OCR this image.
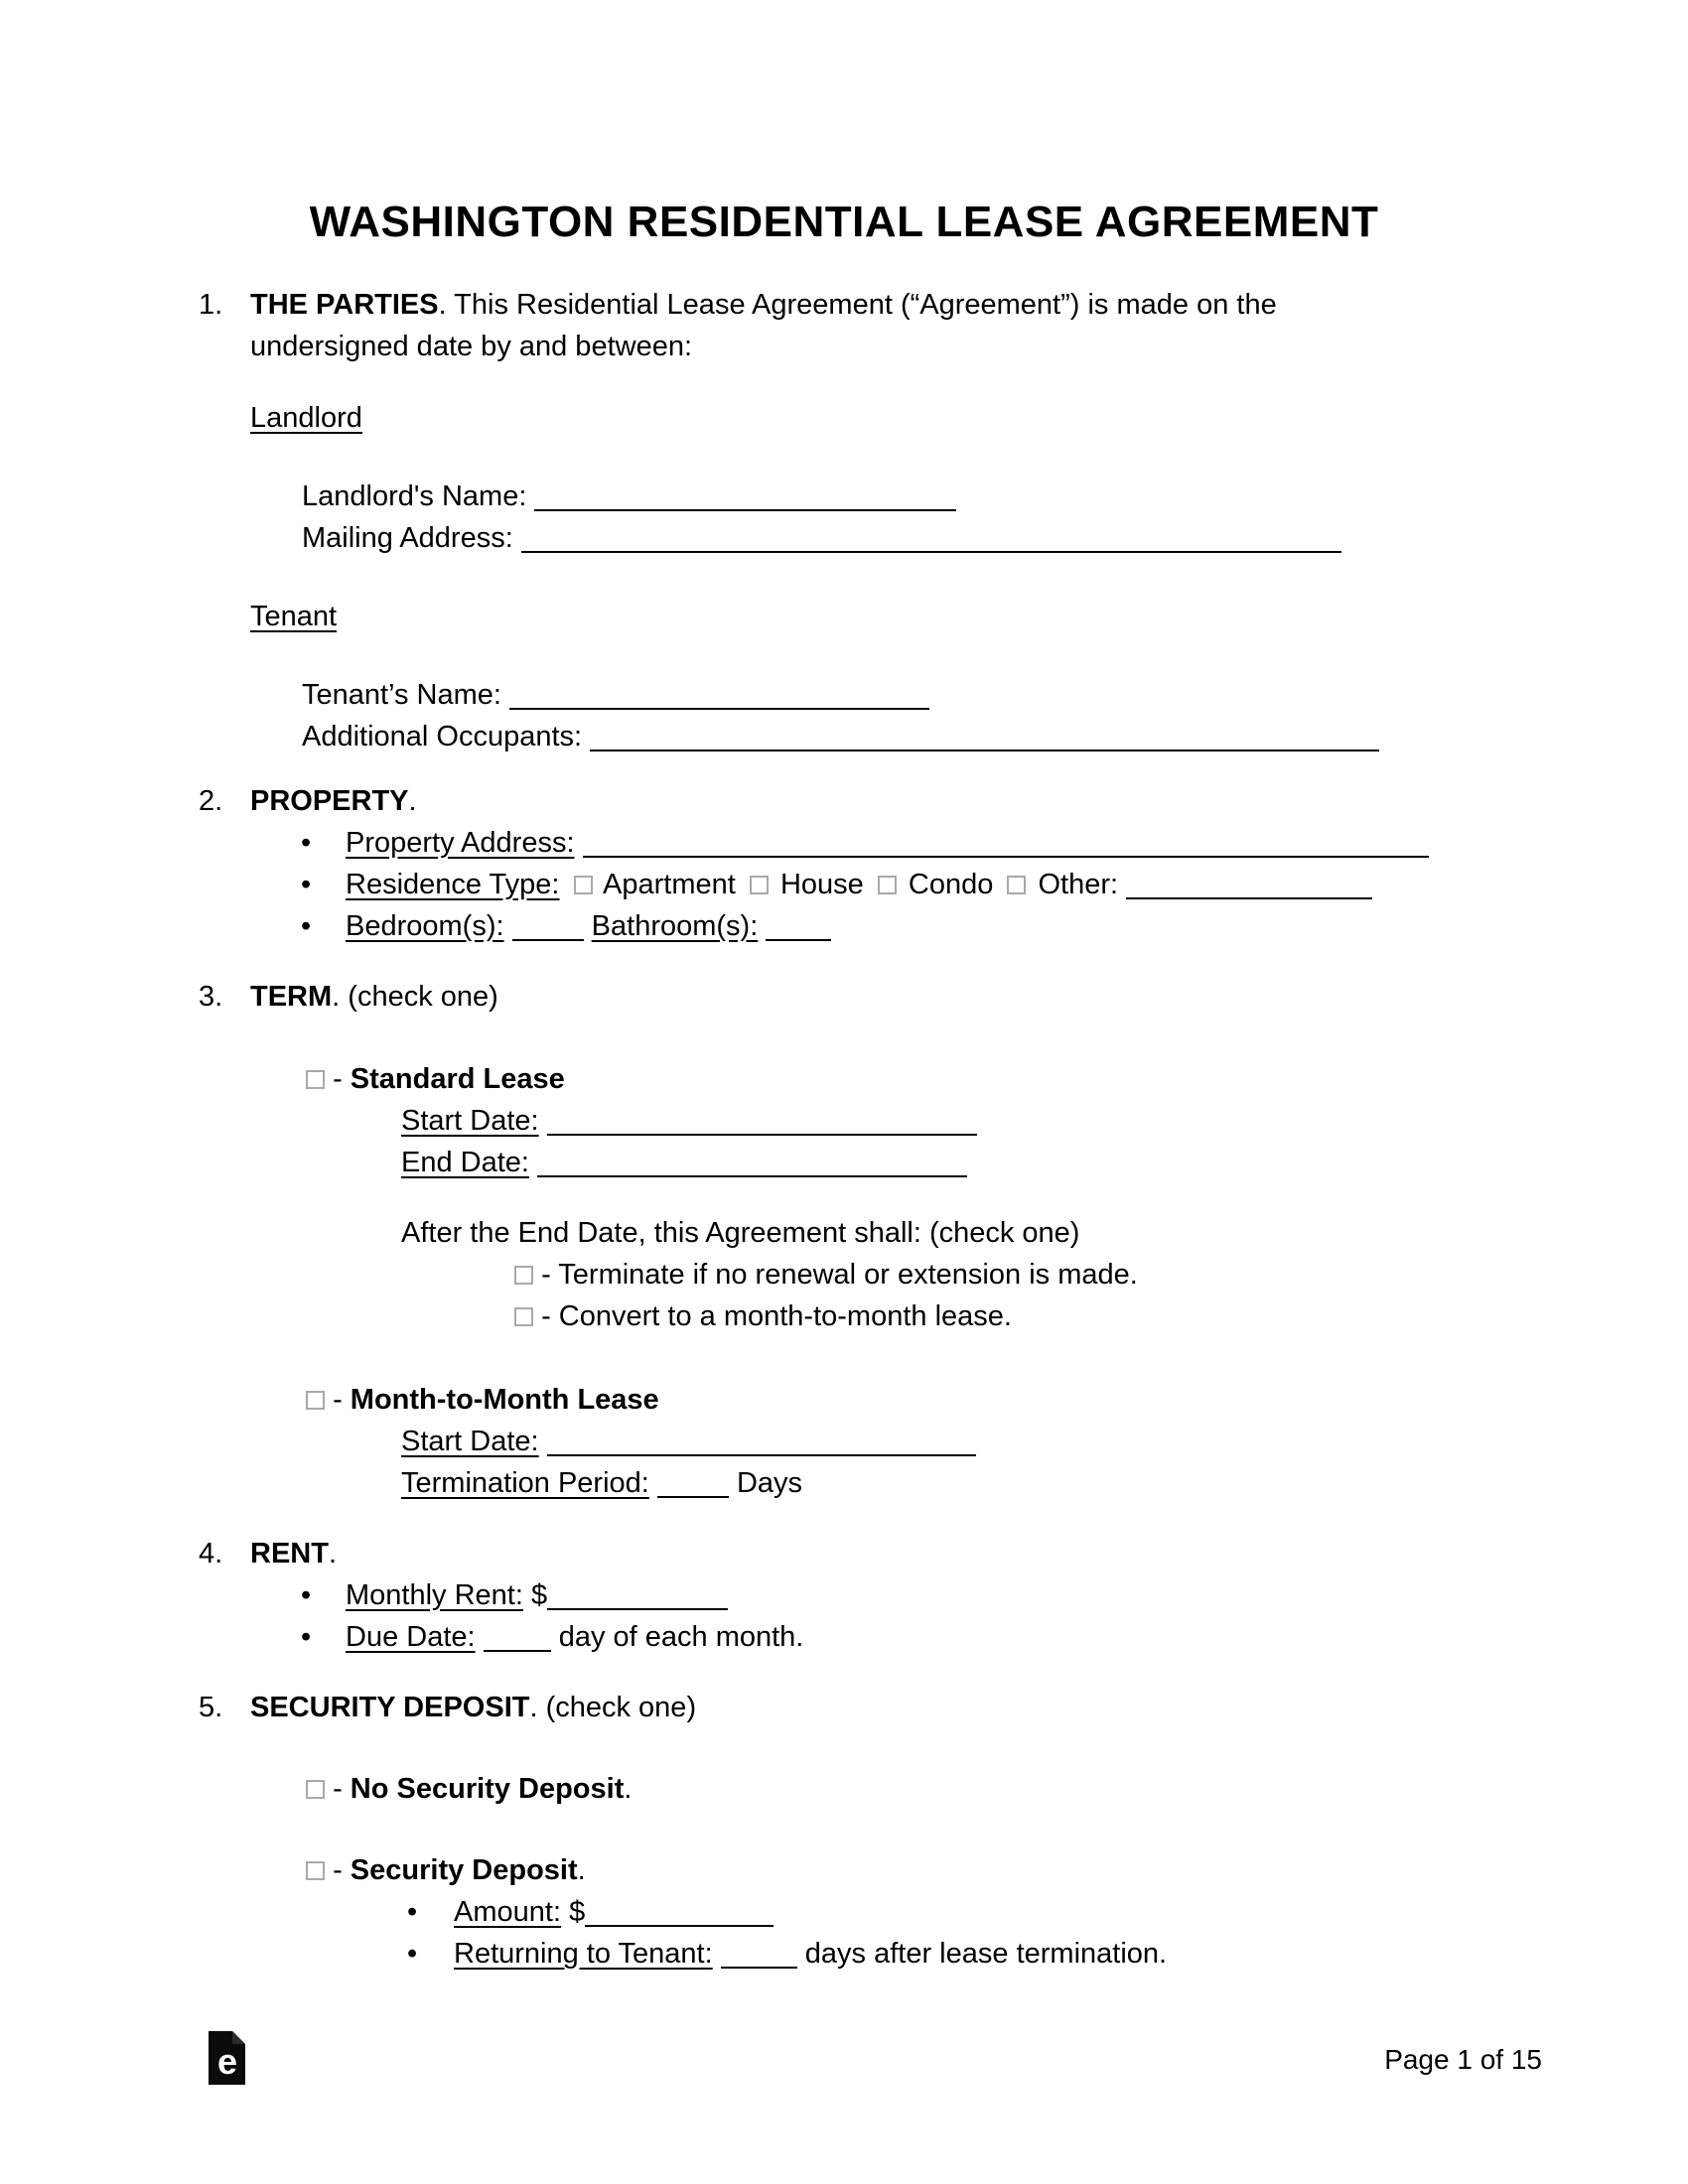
WASHINGTON RESIDENTIAL LEASE AGREEMENT
1. THE PARTIES. This Residential Lease Agreement (“Agreement”) is made on the undersigned date by and between:

Landlord
Landlord's Name:
Mailing Address:
Tenant
Tenant’s Name:
Additional Occupants:
2. PROPERTY.
•	Property Address:
•	Residence Type: Apartment House Condo Other:
•	Bedroom(s):	Bathroom(s):
3. TERM. (check one)
- Standard Lease
Start Date:
End Date:
After the End Date, this Agreement shall: (check one)
- Terminate if no renewal or extension is made.
- Convert to a month-to-month lease.
- Month-to-Month Lease
Start Date:
Termination Period:	Days
4. RENT.
•	Monthly Rent: $
•	Due Date:	day of each month.
5. SECURITY DEPOSIT. (check one)
- No Security Deposit.
- Security Deposit.
•	Amount: $
•	Returning to Tenant:	days after lease termination.
e	Page 1 of 15
